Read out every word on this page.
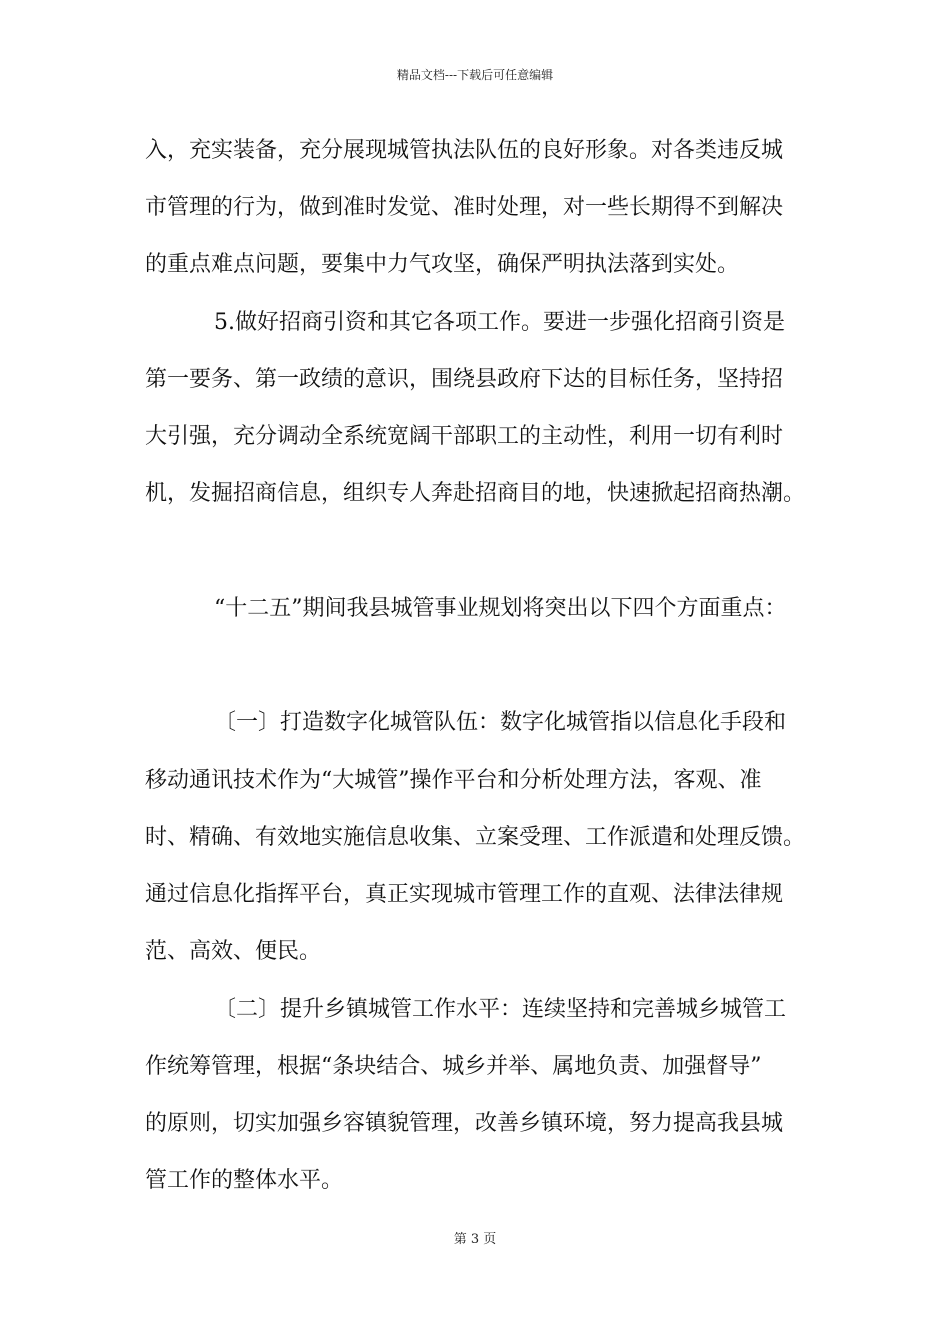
精品文档---下载后可任意编辑
入，充实装备，充分展现城管执法队伍的良好形象。对各类违反城
市管理的行为，做到准时发觉、准时处理，对一些长期得不到解决
的重点难点问题，要集中力气攻坚，确保严明执法落到实处。
5.做好招商引资和其它各项工作。要进一步强化招商引资是
第一要务、第一政绩的意识，围绕县政府下达的目标任务，坚持招
大引强，充分调动全系统宽阔干部职工的主动性，利用一切有利时
机，发掘招商信息，组织专人奔赴招商目的地，快速掀起招商热潮。
“十二五”期间我县城管事业规划将突出以下四个方面重点：
〔一〕打造数字化城管队伍：数字化城管指以信息化手段和
移动通讯技术作为“大城管”操作平台和分析处理方法，客观、准
时、精确、有效地实施信息收集、立案受理、工作派遣和处理反馈。
通过信息化指挥平台，真正实现城市管理工作的直观、法律法律规
范、高效、便民。
〔二〕提升乡镇城管工作水平：连续坚持和完善城乡城管工
作统筹管理，根据“条块结合、城乡并举、属地负责、加强督导”
的原则，切实加强乡容镇貌管理，改善乡镇环境，努力提高我县城
管工作的整体水平。
第 3 页
